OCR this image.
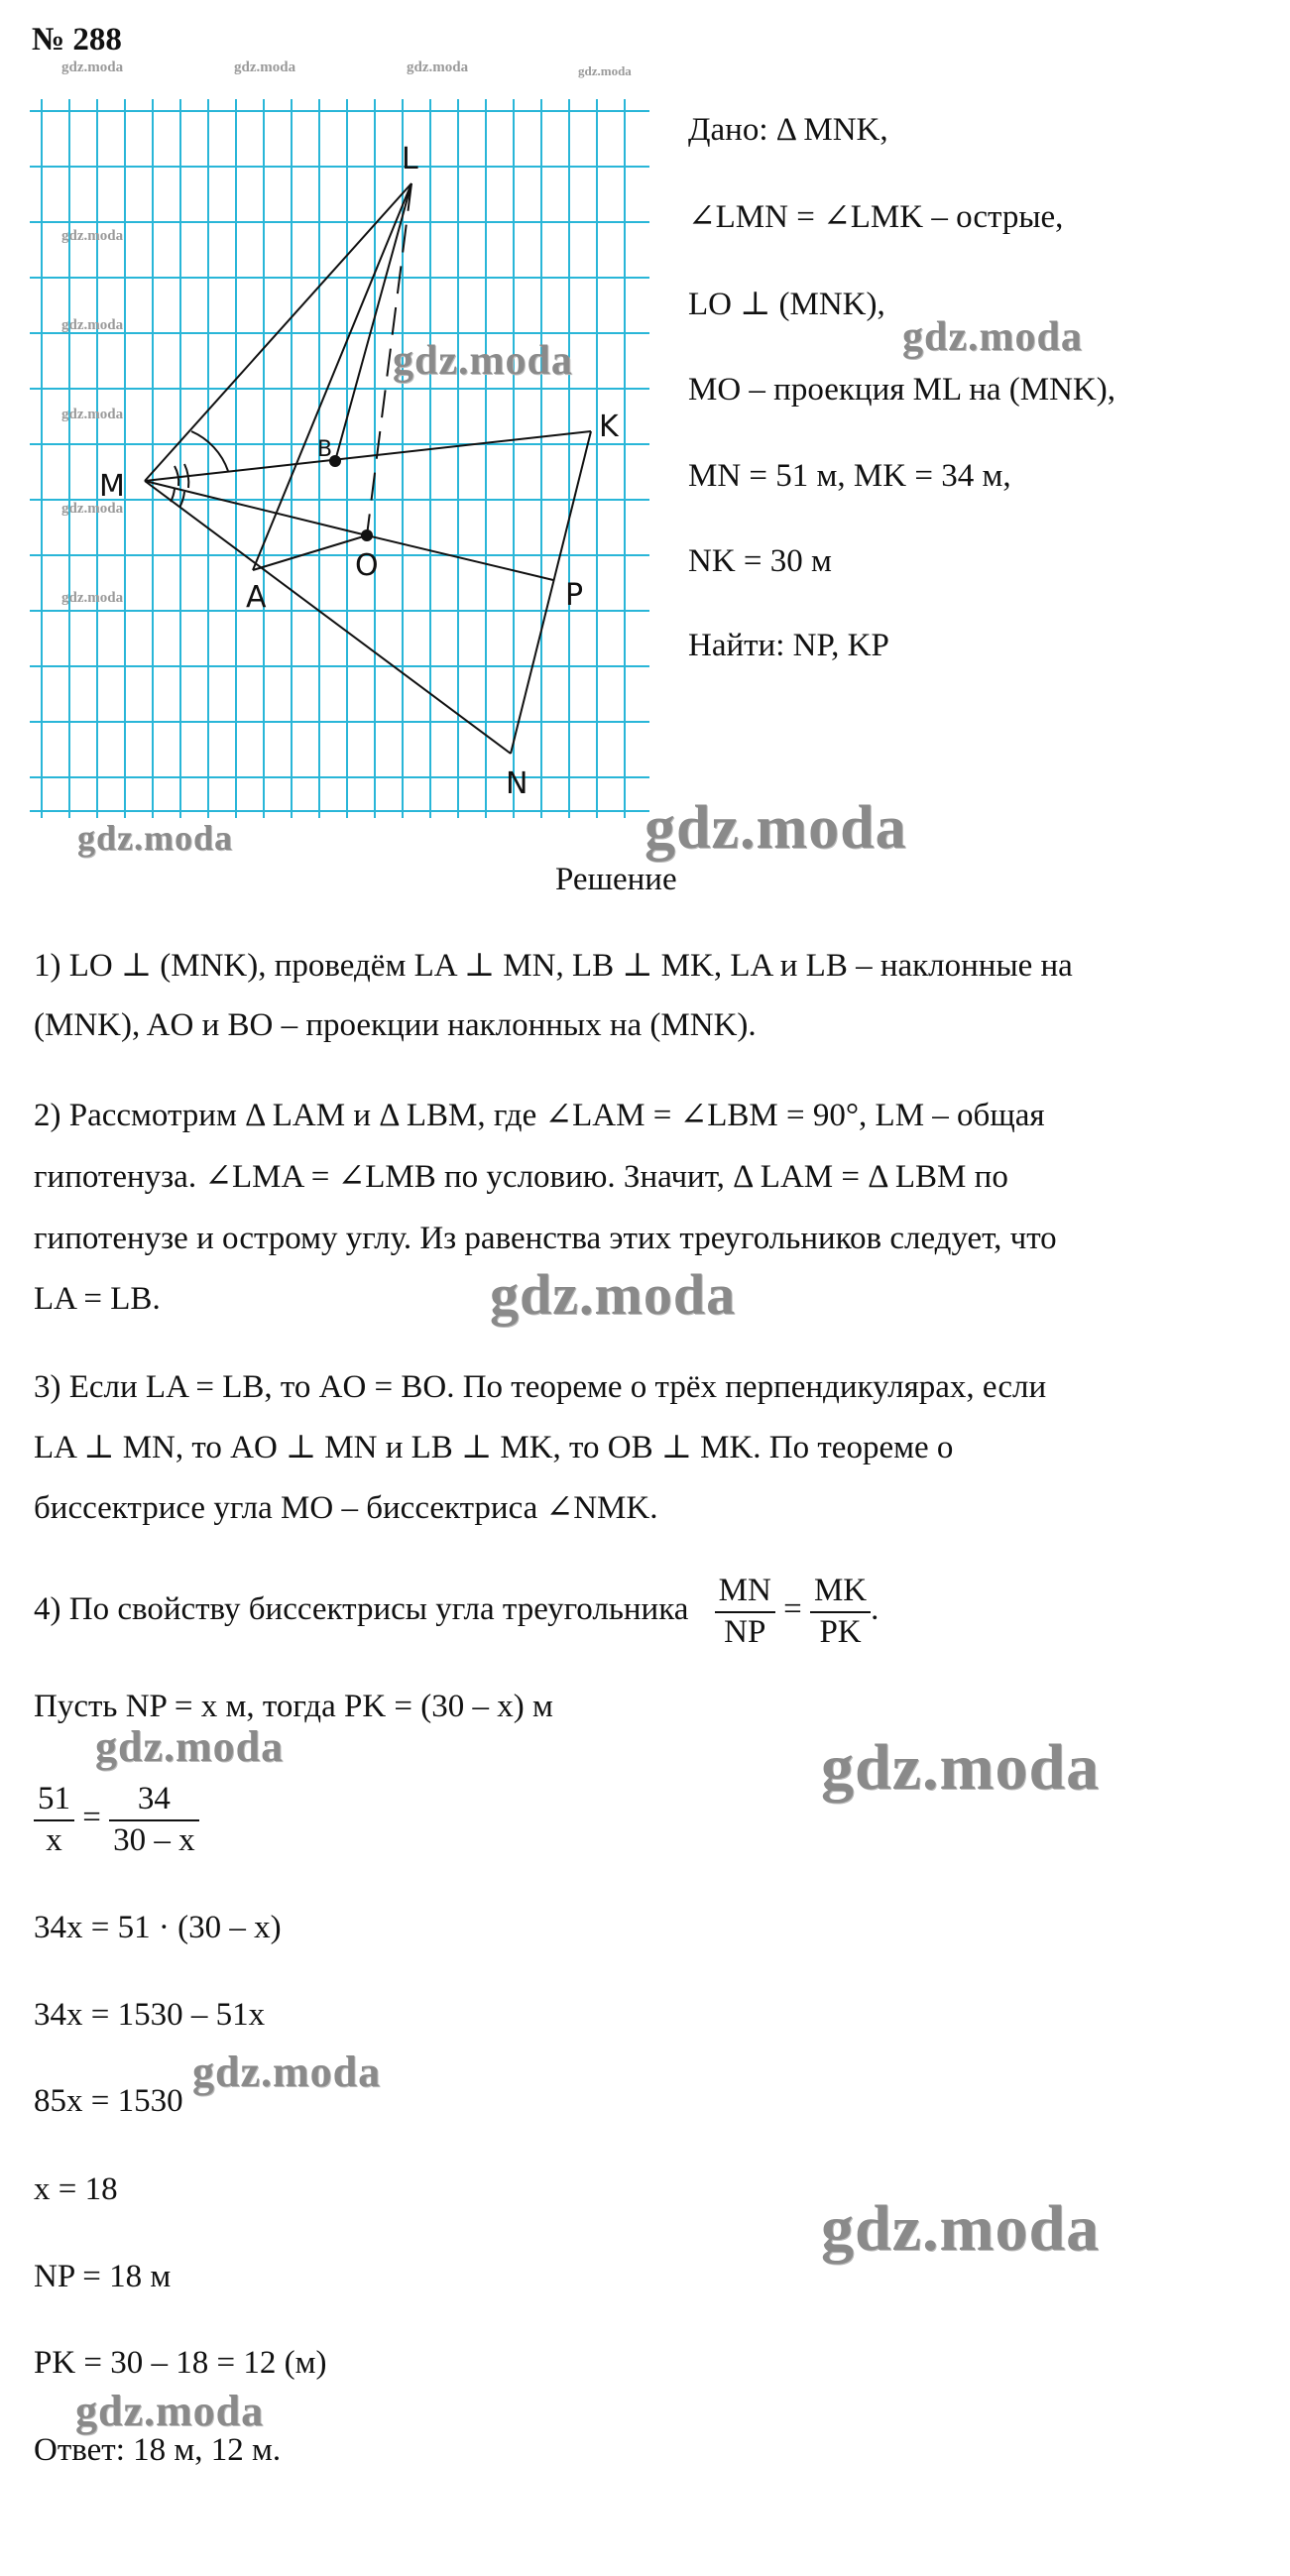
№ 288
gdz.moda	gdz.moda	gdz.moda	gdz.moda
L
M
K
B
A
O
P
N
gdz.moda
gdz.moda
gdz.moda
gdz.moda
gdz.moda
Дано: Δ MNK,
∠LMN = ∠LMK – острые,
LO ⊥ (MNK),
MO – проекция ML на (MNK),
MN = 51 м, MK = 34 м,
NK = 30 м
Найти: NP, KP
gdz.moda
gdz.moda
gdz.moda	gdz.moda
Решение
1) LO ⊥ (MNK), проведём LA ⊥ MN, LB ⊥ MK, LA и LB – наклонные на
(MNK), AO и BO – проекции наклонных на (MNK).
2) Рассмотрим Δ LAM и Δ LBM, где ∠LAM = ∠LBM = 90°, LM – общая
гипотенуза. ∠LMA = ∠LMB по условию. Значит, Δ LAM = Δ LBM по
гипотенузе и острому углу. Из равенства этих треугольников следует, что
LA = LB.	gdz.moda
3) Если LA = LB, то AO = BO. По теореме о трёх перпендикулярах, если
LA ⊥ MN, то AO ⊥ MN и LB ⊥ MK, то OB ⊥ MK. По теореме о
биссектрисе угла MO – биссектриса ∠NMK.
4) По свойству биссектрисы угла треугольника $\frac{MN}{NP} = \frac{MK}{PK}$ .
Пусть NP = x м, тогда PK = (30 – x) м
gdz.moda	gdz.moda
$\frac{51}{x} = \frac{34}{30 - x}$
34x = 51 · (30 – x)
34x = 1530 – 51x
gdz.moda
85x = 1530
x = 18
gdz.moda
NP = 18 м
PK = 30 – 18 = 12 (м)
gdz.moda
Ответ: 18 м, 12 м.
